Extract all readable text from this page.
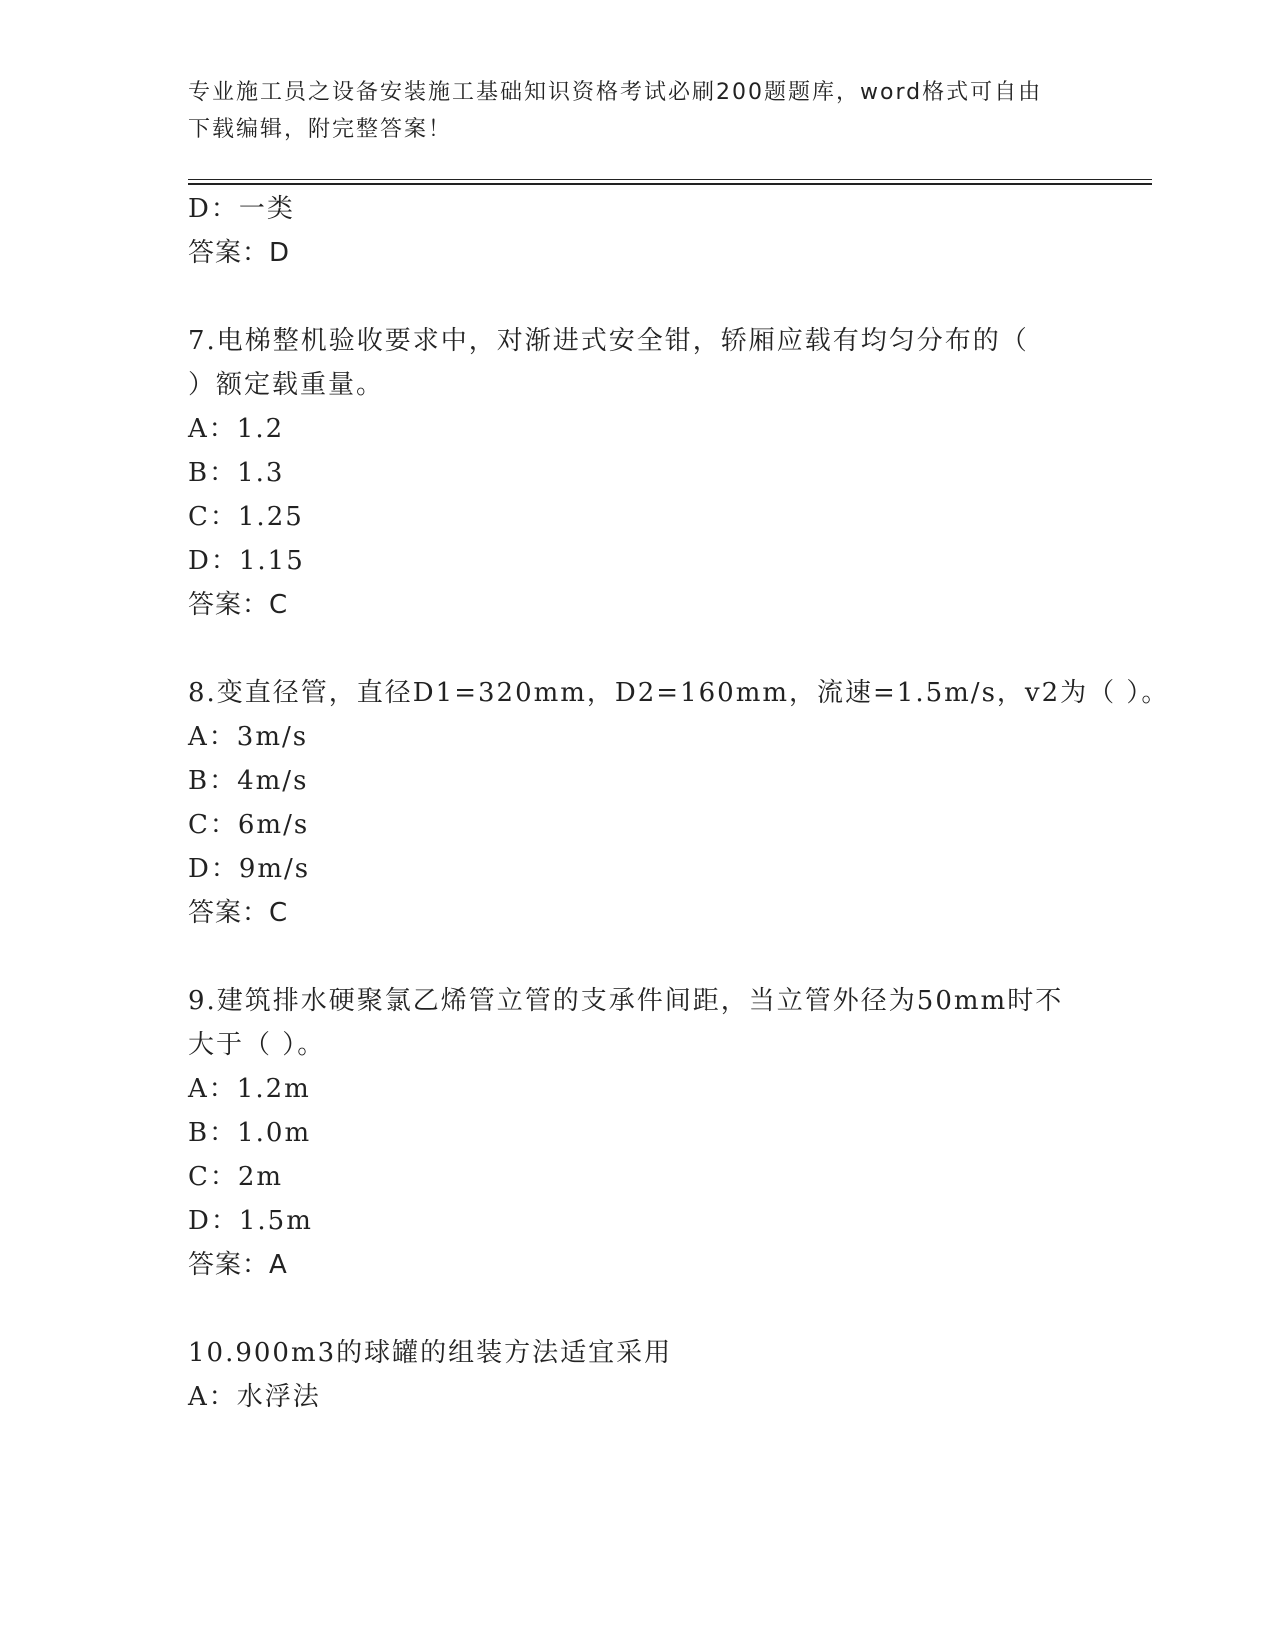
专业施工员之设备安装施工基础知识资格考试必刷200题题库，word格式可自由
下载编辑，附完整答案！
D：一类
答案：D
7.电梯整机验收要求中，对渐进式安全钳，轿厢应载有均匀分布的（
）额定载重量。
A：1.2
B：1.3
C：1.25
D：1.15
答案：C
8.变直径管，直径D1=320mm，D2=160mm，流速=1.5m/s，v2为（ ）。
A：3m/s
B：4m/s
C：6m/s
D：9m/s
答案：C
9.建筑排水硬聚氯乙烯管立管的支承件间距，当立管外径为50mm时不
大于（ ）。
A：1.2m
B：1.0m
C：2m
D：1.5m
答案：A
10.900m3的球罐的组装方法适宜采用
A：水浮法
